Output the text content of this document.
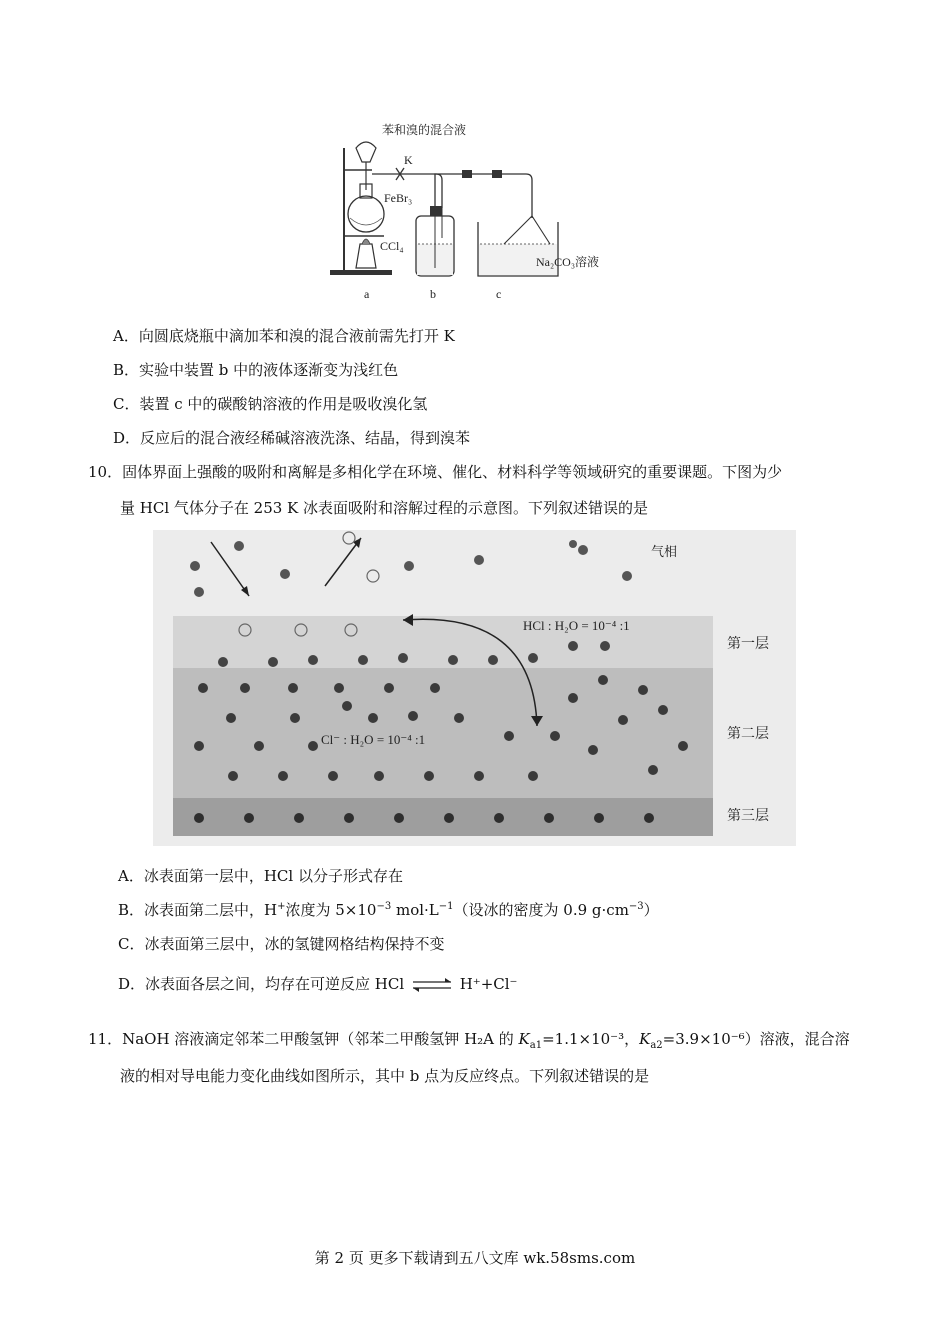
苯和溴的混合液
K
FeBr₃
CCl₄
Na₂CO₃溶液
a	b	c
A．向圆底烧瓶中滴加苯和溴的混合液前需先打开 K
B．实验中装置 b 中的液体逐渐变为浅红色
C．装置 c 中的碳酸钠溶液的作用是吸收溴化氢
D．反应后的混合液经稀碱溶液洗涤、结晶，得到溴苯
10．固体界面上强酸的吸附和离解是多相化学在环境、催化、材料科学等领域研究的重要课题。下图为少
量 HCl 气体分子在 253 K 冰表面吸附和溶解过程的示意图。下列叙述错误的是
气相
HCl : H₂O = 10⁻⁴ :1
Cl⁻ : H₂O = 10⁻⁴ :1
第一层
第二层
第三层
A．冰表面第一层中，HCl 以分子形式存在
B．冰表面第二层中，H+浓度为 $5\times 10^{-3}$ $mol\cdot L^{-1}$（设冰的密度为 0.9 $g\cdot cm^{-3}$）
C．冰表面第三层中，冰的氢键网格结构保持不变
D．冰表面各层之间，均存在可逆反应 HCl ⇌ H⁺+Cl⁻
11．NaOH 溶液滴定邻苯二甲酸氢钾（邻苯二甲酸氢钾 H₂A 的 $K_{a1}=1.1\times 10^{-3}$，$K_{a2}=3.9\times 10^{-6}$）溶液，混合溶
液的相对导电能力变化曲线如图所示，其中 b 点为反应终点。下列叙述错误的是
第 2 页 更多下载请到五八文库 wk.58sms.com
